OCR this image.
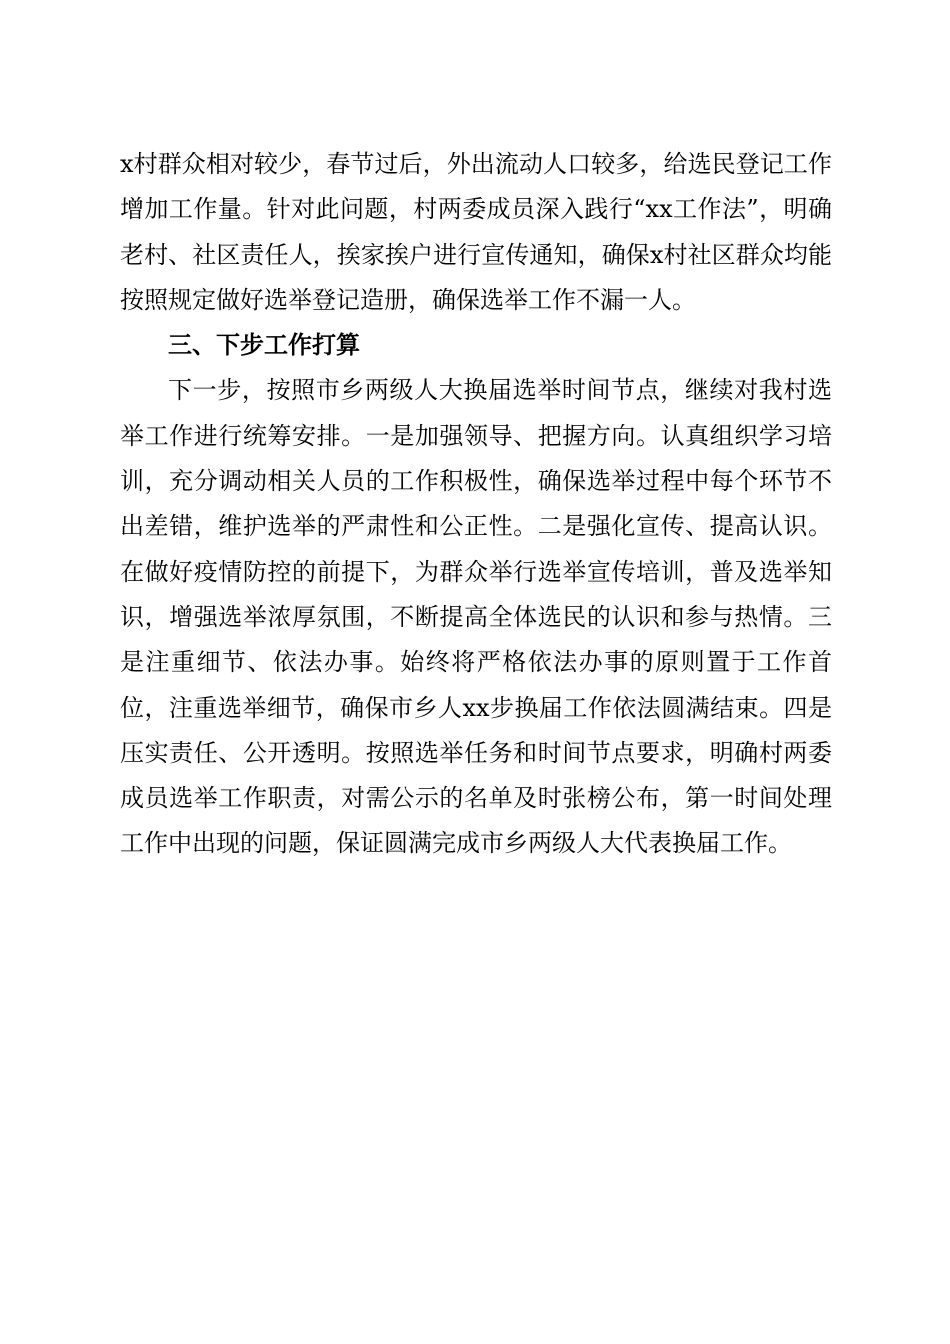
x村群众相对较少，春节过后，外出流动人口较多，给选民登记工作增加工作量。针对此问题，村两委成员深入践行“xx工作法”，明确老村、社区责任人，挨家挨户进行宣传通知，确保x村社区群众均能按照规定做好选举登记造册，确保选举工作不漏一人。

三、下步工作打算

下一步，按照市乡两级人大换届选举时间节点，继续对我村选举工作进行统筹安排。一是加强领导、把握方向。认真组织学习培训，充分调动相关人员的工作积极性，确保选举过程中每个环节不出差错，维护选举的严肃性和公正性。二是强化宣传、提高认识。在做好疫情防控的前提下，为群众举行选举宣传培训，普及选举知识，增强选举浓厚氛围，不断提高全体选民的认识和参与热情。三是注重细节、依法办事。始终将严格依法办事的原则置于工作首位，注重选举细节，确保市乡人xx步换届工作依法圆满结束。四是压实责任、公开透明。按照选举任务和时间节点要求，明确村两委成员选举工作职责，对需公示的名单及时张榜公布，第一时间处理工作中出现的问题，保证圆满完成市乡两级人大代表换届工作。
